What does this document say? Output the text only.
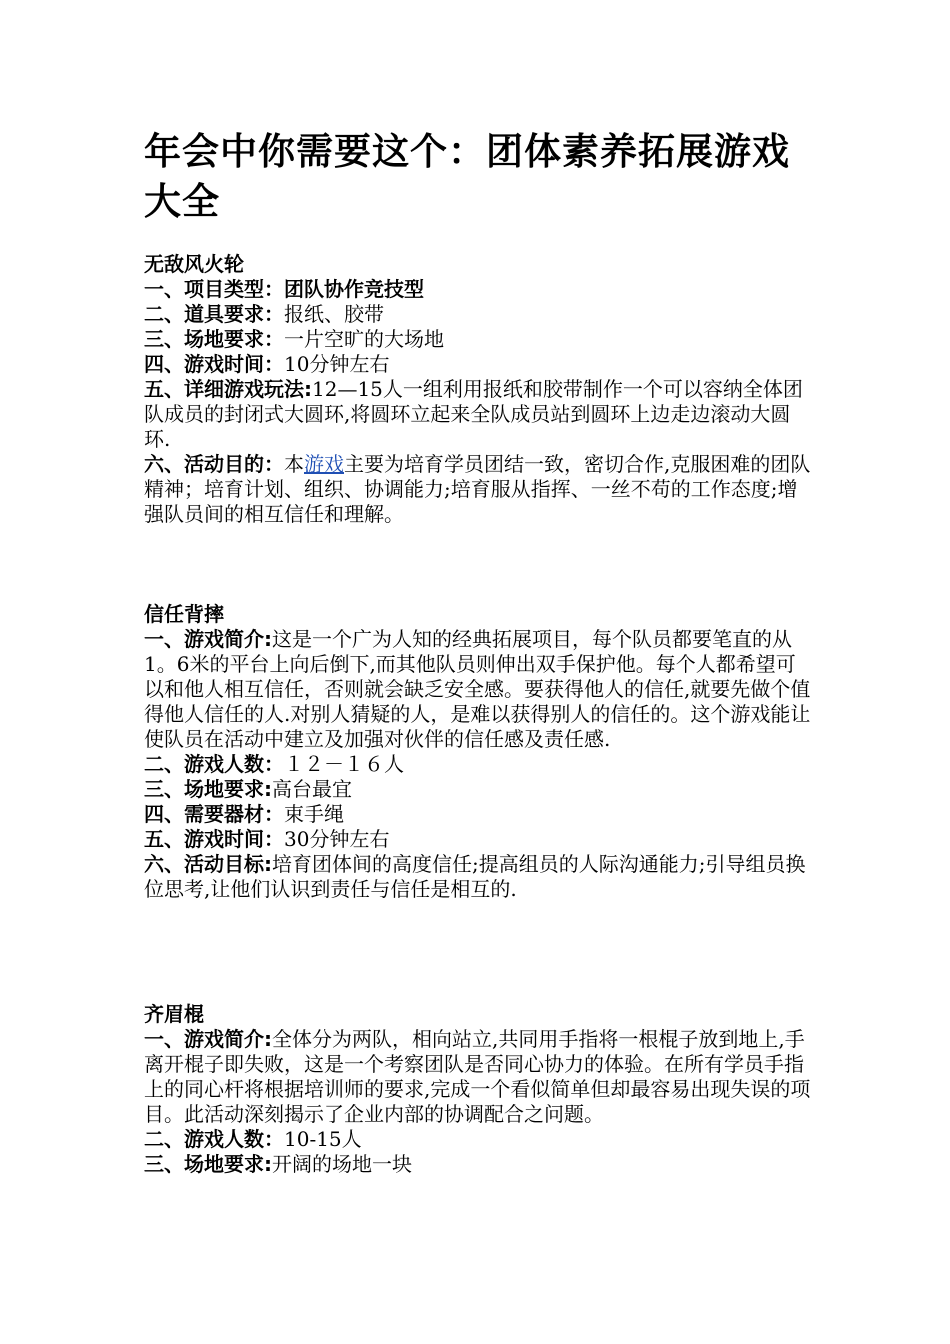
年会中你需要这个：团体素养拓展游戏大全
无敌风火轮
一、项目类型：团队协作竞技型
二、道具要求：报纸、胶带
三、场地要求：一片空旷的大场地
四、游戏时间：10分钟左右
五、详细游戏玩法:12—15人一组利用报纸和胶带制作一个可以容纳全体团队成员的封闭式大圆环,将圆环立起来全队成员站到圆环上边走边滚动大圆环.
六、活动目的：本游戏主要为培育学员团结一致，密切合作,克服困难的团队精神；培育计划、组织、协调能力;培育服从指挥、一丝不苟的工作态度;增强队员间的相互信任和理解。
信任背摔
一、游戏简介:这是一个广为人知的经典拓展项目，每个队员都要笔直的从1。6米的平台上向后倒下,而其他队员则伸出双手保护他。每个人都希望可以和他人相互信任，否则就会缺乏安全感。要获得他人的信任,就要先做个值得他人信任的人.对别人猜疑的人，是难以获得别人的信任的。这个游戏能让使队员在活动中建立及加强对伙伴的信任感及责任感.
二、游戏人数：１２－１６人
三、场地要求:高台最宜
四、需要器材：束手绳
五、游戏时间：30分钟左右
六、活动目标:培育团体间的高度信任;提高组员的人际沟通能力;引导组员换位思考,让他们认识到责任与信任是相互的.
齐眉棍
一、游戏简介:全体分为两队，相向站立,共同用手指将一根棍子放到地上,手离开棍子即失败，这是一个考察团队是否同心协力的体验。在所有学员手指上的同心杆将根据培训师的要求,完成一个看似简单但却最容易出现失误的项目。此活动深刻揭示了企业内部的协调配合之问题。
二、游戏人数：10-15人
三、场地要求:开阔的场地一块
